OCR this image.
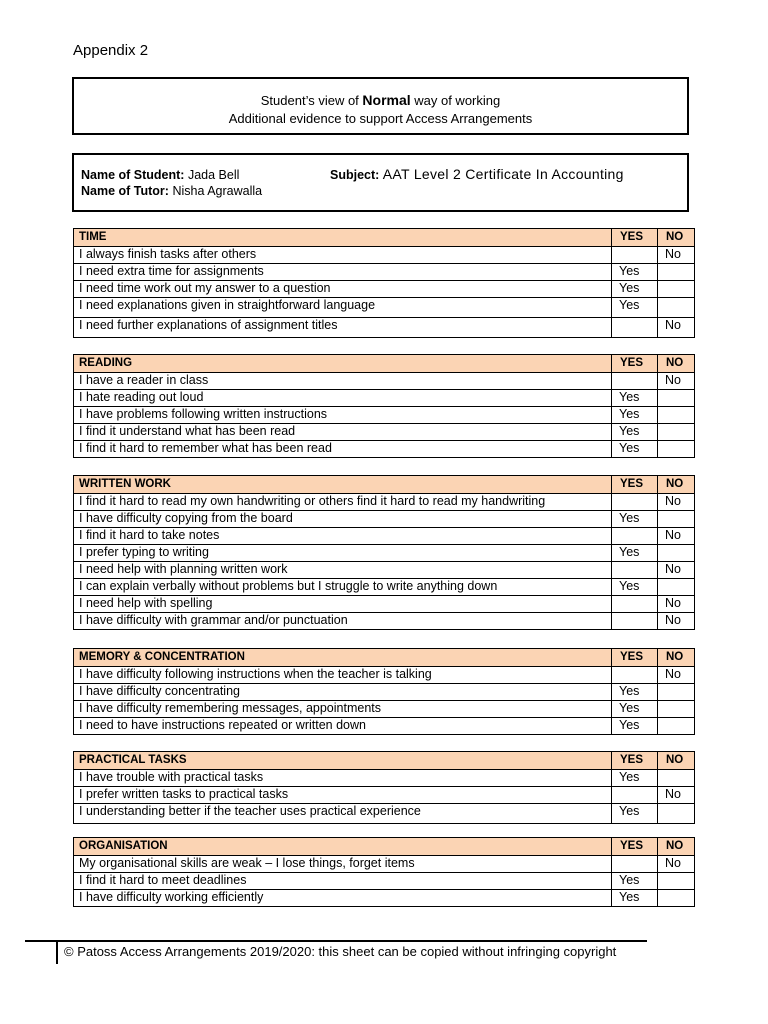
Appendix 2
Student’s view of Normal way of working
Additional evidence to support Access Arrangements
Name of Student: Jada Bell
Name of Tutor: Nisha Agrawalla
Subject: AAT Level 2 Certificate In Accounting
TIME	YES	NO
I always finish tasks after others		No
I need extra time for assignments	Yes	
I need time work out my answer to a question	Yes	
I need explanations given in straightforward language	Yes	
I need further explanations of assignment titles		No
READING	YES	NO
I have a reader in class		No
I hate reading out loud	Yes	
I have problems following written instructions	Yes	
I find it understand what has been read	Yes	
I find it hard to remember what has been read	Yes	
WRITTEN WORK	YES	NO
I find it hard to read my own handwriting or others find it hard to read my handwriting		No
I have difficulty copying from the board	Yes	
I find it hard to take notes		No
I prefer typing to writing	Yes	
I need help with planning written work		No
I can explain verbally without problems but I struggle to write anything down	Yes	
I need help with spelling		No
I have difficulty with grammar and/or punctuation		No
MEMORY & CONCENTRATION	YES	NO
I have difficulty following instructions when the teacher is talking		No
I have difficulty concentrating	Yes	
I have difficulty remembering messages, appointments	Yes	
I need to have instructions repeated or written down	Yes	
PRACTICAL TASKS	YES	NO
I have trouble with practical tasks	Yes	
I prefer written tasks to practical tasks		No
I understanding better if the teacher uses practical experience	Yes	
ORGANISATION	YES	NO
My organisational skills are weak – I lose things, forget items		No
I find it hard to meet deadlines	Yes	
I have difficulty working efficiently	Yes	
© Patoss Access Arrangements 2019/2020: this sheet can be copied without infringing copyright
